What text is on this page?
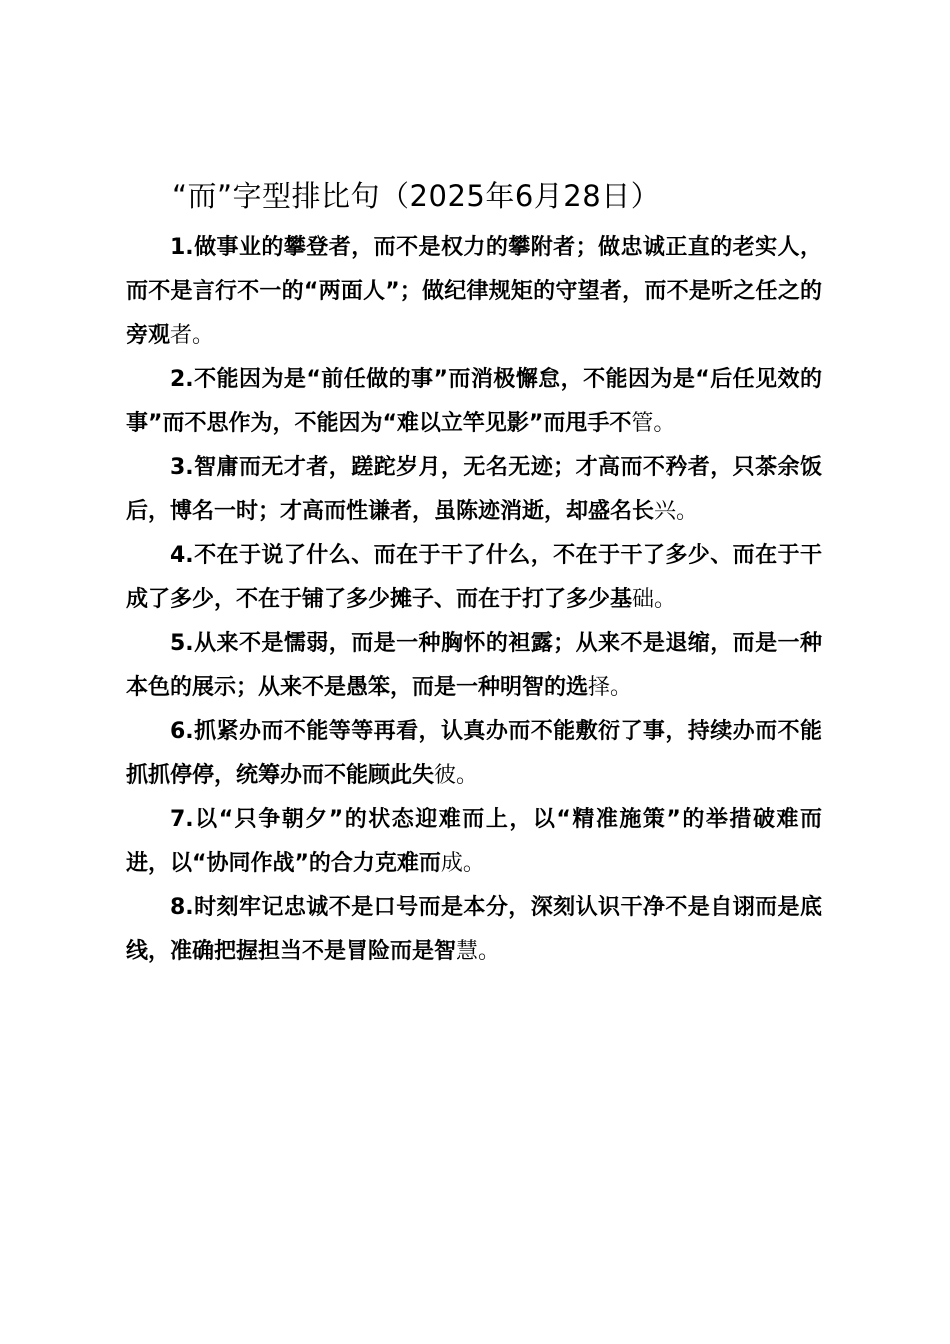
“而”字型排比句（2025年6月28日）

1.做事业的攀登者，而不是权力的攀附者；做忠诚正直的老实人，而不是言行不一的“两面人”；做纪律规矩的守望者，而不是听之任之的旁观者。

2.不能因为是“前任做的事”而消极懈怠，不能因为是“后任见效的事”而不思作为，不能因为“难以立竿见影”而甩手不管。

3.智庸而无才者，蹉跎岁月，无名无迹；才高而不矜者，只茶余饭后，博名一时；才高而性谦者，虽陈迹消逝，却盛名长兴。

4.不在于说了什么、而在于干了什么，不在于干了多少、而在于干成了多少，不在于铺了多少摊子、而在于打了多少基础。

5.从来不是懦弱，而是一种胸怀的袒露；从来不是退缩，而是一种本色的展示；从来不是愚笨，而是一种明智的选择。

6.抓紧办而不能等等再看，认真办而不能敷衍了事，持续办而不能抓抓停停，统筹办而不能顾此失彼。

7.以“只争朝夕”的状态迎难而上，以“精准施策”的举措破难而进，以“协同作战”的合力克难而成。

8.时刻牢记忠诚不是口号而是本分，深刻认识干净不是自诩而是底线，准确把握担当不是冒险而是智慧。
